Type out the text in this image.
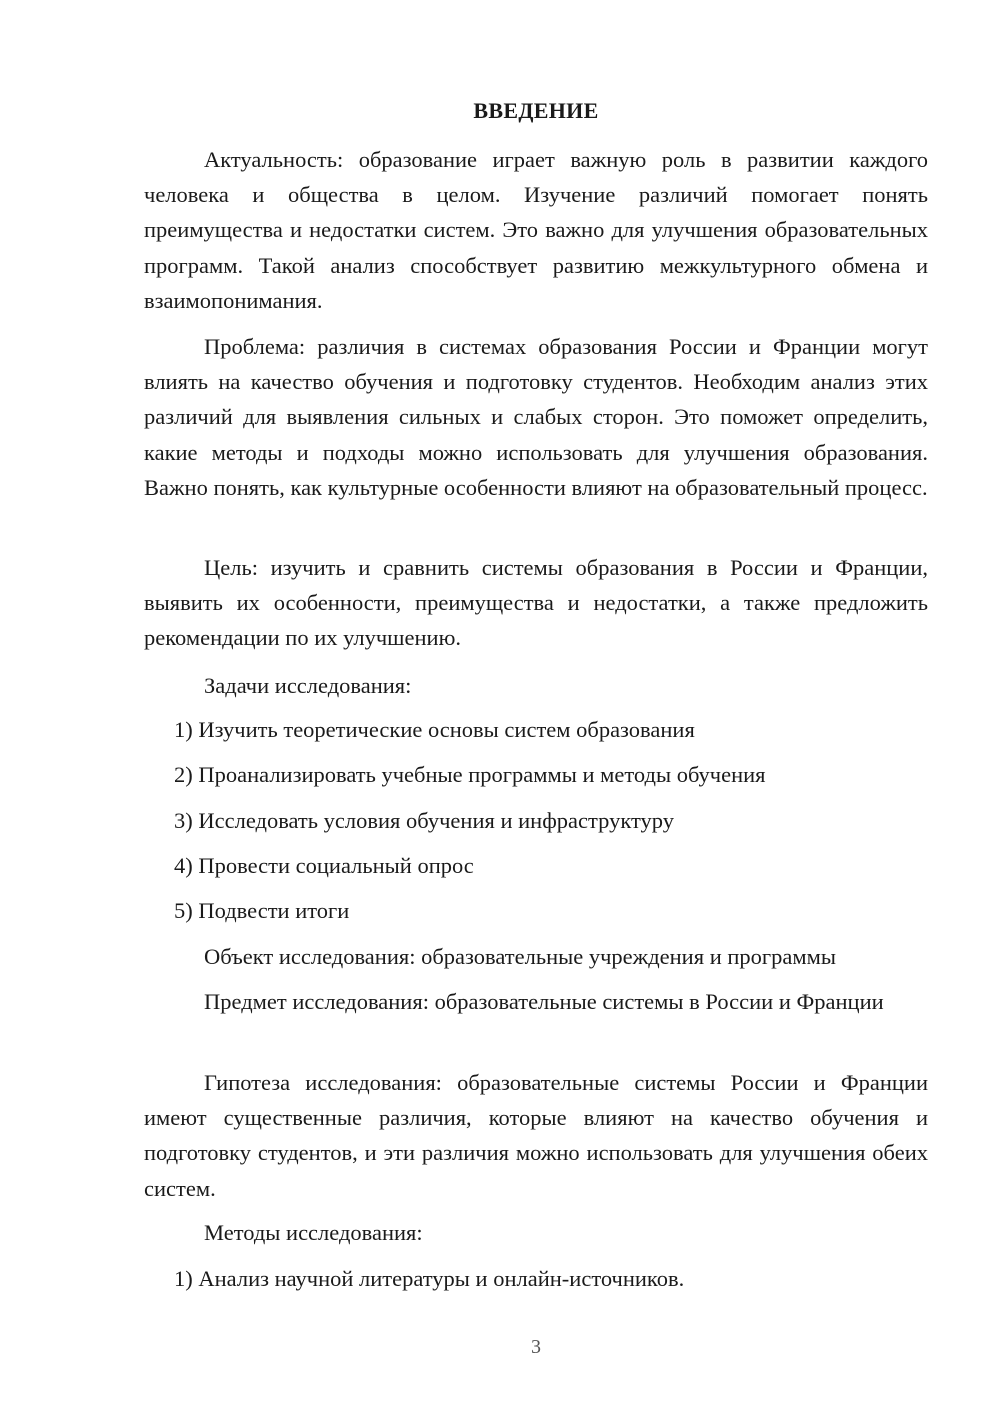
ВВЕДЕНИЕ

Актуальность: образование играет важную роль в развитии каждого человека и общества в целом. Изучение различий помогает понять преимущества и недостатки систем. Это важно для улучшения образовательных программ. Такой анализ способствует развитию межкультурного обмена и взаимопонимания.

Проблема: различия в системах образования России и Франции могут влиять на качество обучения и подготовку студентов. Необходим анализ этих различий для выявления сильных и слабых сторон. Это поможет определить, какие методы и подходы можно использовать для улучшения образования. Важно понять, как культурные особенности влияют на образовательный процесс.

Цель: изучить и сравнить системы образования в России и Франции, выявить их особенности, преимущества и недостатки, а также предложить рекомендации по их улучшению.

Задачи исследования:

1) Изучить теоретические основы систем образования

2) Проанализировать учебные программы и методы обучения

3) Исследовать условия обучения и инфраструктуру

4) Провести социальный опрос

5) Подвести итоги

Объект исследования: образовательные учреждения и программы

Предмет исследования: образовательные системы в России и Франции

Гипотеза исследования: образовательные системы России и Франции имеют существенные различия, которые влияют на качество обучения и подготовку студентов, и эти различия можно использовать для улучшения обеих систем.

Методы исследования:

1) Анализ научной литературы и онлайн-источников.

3
